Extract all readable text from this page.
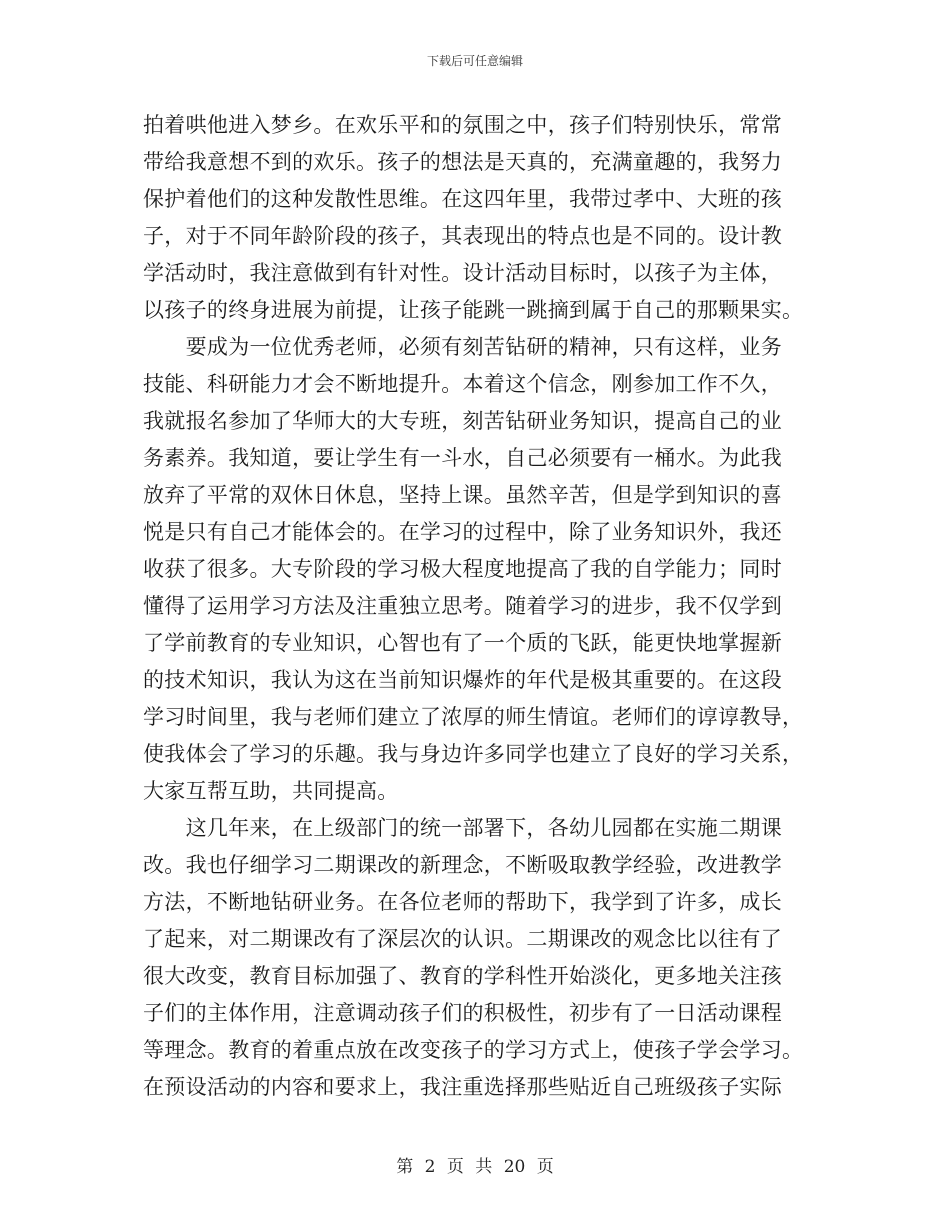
下载后可任意编辑
拍着哄他进入梦乡。在欢乐平和的氛围之中，孩子们特别快乐，常常
带给我意想不到的欢乐。孩子的想法是天真的，充满童趣的，我努力
保护着他们的这种发散性思维。在这四年里，我带过孝中、大班的孩
子，对于不同年龄阶段的孩子，其表现出的特点也是不同的。设计教
学活动时，我注意做到有针对性。设计活动目标时，以孩子为主体，
以孩子的终身进展为前提，让孩子能跳一跳摘到属于自己的那颗果实。
　　要成为一位优秀老师，必须有刻苦钻研的精神，只有这样，业务
技能、科研能力才会不断地提升。本着这个信念，刚参加工作不久，
我就报名参加了华师大的大专班，刻苦钻研业务知识，提高自己的业
务素养。我知道，要让学生有一斗水，自己必须要有一桶水。为此我
放弃了平常的双休日休息，坚持上课。虽然辛苦，但是学到知识的喜
悦是只有自己才能体会的。在学习的过程中，除了业务知识外，我还
收获了很多。大专阶段的学习极大程度地提高了我的自学能力；同时
懂得了运用学习方法及注重独立思考。随着学习的进步，我不仅学到
了学前教育的专业知识，心智也有了一个质的飞跃，能更快地掌握新
的技术知识，我认为这在当前知识爆炸的年代是极其重要的。在这段
学习时间里，我与老师们建立了浓厚的师生情谊。老师们的谆谆教导，
使我体会了学习的乐趣。我与身边许多同学也建立了良好的学习关系，
大家互帮互助，共同提高。
　　这几年来，在上级部门的统一部署下，各幼儿园都在实施二期课
改。我也仔细学习二期课改的新理念，不断吸取教学经验，改进教学
方法，不断地钻研业务。在各位老师的帮助下，我学到了许多，成长
了起来，对二期课改有了深层次的认识。二期课改的观念比以往有了
很大改变，教育目标加强了、教育的学科性开始淡化，更多地关注孩
子们的主体作用，注意调动孩子们的积极性，初步有了一日活动课程
等理念。教育的着重点放在改变孩子的学习方式上，使孩子学会学习。
在预设活动的内容和要求上，我注重选择那些贴近自己班级孩子实际
第 2 页 共 20 页
